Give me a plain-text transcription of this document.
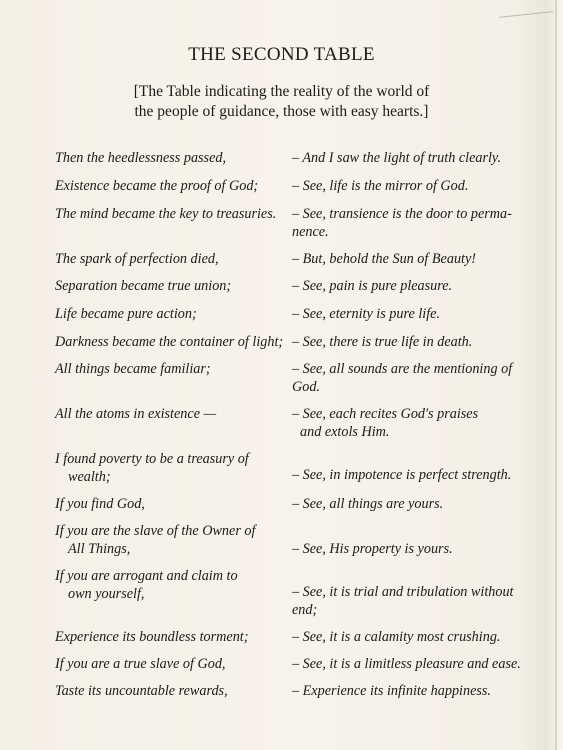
THE SECOND TABLE
[The Table indicating the reality of the world of
the people of guidance, those with easy hearts.]
Then the heedlessness passed,	– And I saw the light of truth clearly.
Existence became the proof of God; – See, life is the mirror of God.
The mind became the key to treasuries. – See, transience is the door to perma-
nence.
The spark of perfection died,	– But, behold the Sun of Beauty!
Separation became true union;	– See, pain is pure pleasure.
Life became pure action;	– See, eternity is pure life.
Darkness became the container of light; – See, there is true life in death.
All things became familiar;	– See, all sounds are the mentioning of
God.
All the atoms in existence —	– See, each recites God's praises
and extols Him.
I found poverty to be a treasury of
wealth;	– See, in impotence is perfect strength.
If you find God,	– See, all things are yours.
If you are the slave of the Owner of
All Things,	– See, His property is yours.
If you are arrogant and claim to
own yourself,	– See, it is trial and tribulation without
end;
Experience its boundless torment;	– See, it is a calamity most crushing.
If you are a true slave of God,	– See, it is a limitless pleasure and ease.
Taste its uncountable rewards,	– Experience its infinite happiness.
